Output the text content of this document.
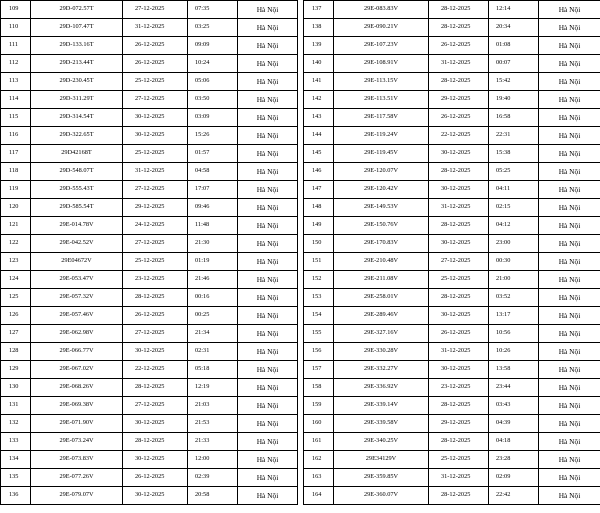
109	29D-072.57T	27-12-2025	07:35	Hà Nội
110	29D-107.47T	31-12-2025	03:25	Hà Nội
111	29D-133.16T	26-12-2025	09:09	Hà Nội
112	29D-213.44T	26-12-2025	10:24	Hà Nội
113	29D-230.45T	25-12-2025	05:06	Hà Nội
114	29D-311.29T	27-12-2025	03:50	Hà Nội
115	29D-314.54T	30-12-2025	03:09	Hà Nội
116	29D-322.65T	30-12-2025	15:26	Hà Nội
117	29D42168T	25-12-2025	01:57	Hà Nội
118	29D-548.07T	31-12-2025	04:58	Hà Nội
119	29D-555.43T	27-12-2025	17:07	Hà Nội
120	29D-585.54T	29-12-2025	09:46	Hà Nội
121	29E-014.78V	24-12-2025	11:48	Hà Nội
122	29E-042.52V	27-12-2025	21:30	Hà Nội
123	29E04672V	25-12-2025	01:19	Hà Nội
124	29E-053.47V	23-12-2025	21:46	Hà Nội
125	29E-057.32V	28-12-2025	00:16	Hà Nội
126	29E-057.46V	26-12-2025	00:25	Hà Nội
127	29E-062.98V	27-12-2025	21:34	Hà Nội
128	29E-066.77V	30-12-2025	02:31	Hà Nội
129	29E-067.02V	22-12-2025	05:18	Hà Nội
130	29E-068.26V	28-12-2025	12:19	Hà Nội
131	29E-069.38V	27-12-2025	21:03	Hà Nội
132	29E-071.90V	30-12-2025	21:53	Hà Nội
133	29E-073.24V	28-12-2025	21:33	Hà Nội
134	29E-073.83V	30-12-2025	12:00	Hà Nội
135	29E-077.26V	26-12-2025	02:39	Hà Nội
136	29E-079.07V	30-12-2025	20:58	Hà Nội
137	29E-083.83V	28-12-2025	12:14	Hà Nội
138	29E-090.21V	28-12-2025	20:34	Hà Nội
139	29E-107.23V	26-12-2025	01:08	Hà Nội
140	29E-108.91V	31-12-2025	00:07	Hà Nội
141	29E-113.15V	28-12-2025	15:42	Hà Nội
142	29E-113.51V	29-12-2025	19:40	Hà Nội
143	29E-117.58V	26-12-2025	16:58	Hà Nội
144	29E-119.24V	22-12-2025	22:31	Hà Nội
145	29E-119.45V	30-12-2025	15:38	Hà Nội
146	29E-120.07V	28-12-2025	05:25	Hà Nội
147	29E-120.42V	30-12-2025	04:11	Hà Nội
148	29E-149.53V	31-12-2025	02:15	Hà Nội
149	29E-150.76V	28-12-2025	04:12	Hà Nội
150	29E-170.83V	30-12-2025	23:00	Hà Nội
151	29E-210.48V	27-12-2025	00:30	Hà Nội
152	29E-211.08V	25-12-2025	21:00	Hà Nội
153	29E-258.01V	28-12-2025	03:52	Hà Nội
154	29E-289.46V	30-12-2025	13:17	Hà Nội
155	29E-327.16V	26-12-2025	10:56	Hà Nội
156	29E-330.28V	31-12-2025	10:26	Hà Nội
157	29E-332.27V	30-12-2025	13:58	Hà Nội
158	29E-336.92V	23-12-2025	23:44	Hà Nội
159	29E-339.14V	28-12-2025	03:43	Hà Nội
160	29E-339.58V	29-12-2025	04:39	Hà Nội
161	29E-340.25V	28-12-2025	04:18	Hà Nội
162	29E34129V	25-12-2025	23:28	Hà Nội
163	29E-359.85V	31-12-2025	02:09	Hà Nội
164	29E-360.07V	28-12-2025	22:42	Hà Nội
